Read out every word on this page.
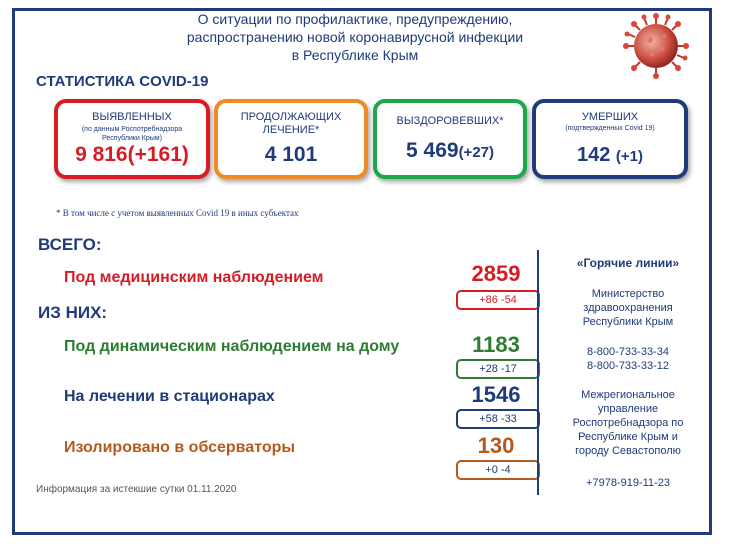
О ситуации по профилактике, предупреждению,
распространению новой коронавирусной инфекции
в Республике Крым
СТАТИСТИКА COVID-19
ВЫЯВЛЕННЫХ
(по данным Роспотребнадзора Республики Крым)
9 816(+161)
ПРОДОЛЖАЮЩИХ
ЛЕЧЕНИЕ*
4 101
ВЫЗДОРОВЕВШИХ*
5 469(+27)
УМЕРШИХ
(подтвержденных Covid 19)
142 (+1)
* В том числе с учетом выявленных Covid 19 в иных субъектах
ВСЕГО:
Под медицинским наблюдением	2859
+86 -54
ИЗ НИХ:
Под динамическим наблюдением на дому	1183
+28 -17
На лечении в стационарах	1546
+58 -33
Изолировано в обсерваторы	130
+0 -4
«Горячие линии»
Министерство
здравоохранения
Республики Крым
8-800-733-33-34
8-800-733-33-12
Межрегиональное
управление
Роспотребнадзора по
Республике Крым и
городу Севастополю
+7978-919-11-23
Информация за истекшие сутки 01.11.2020
